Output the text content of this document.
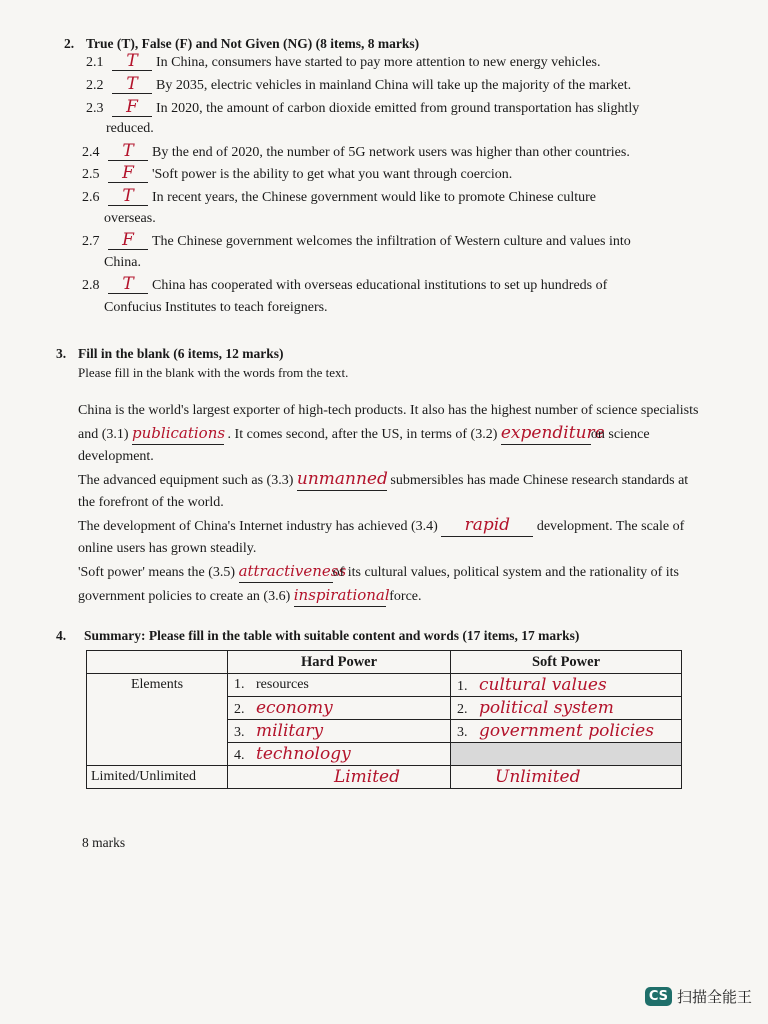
2. True (T), False (F) and Not Given (NG) (8 items, 8 marks)
2.1 T In China, consumers have started to pay more attention to new energy vehicles.
2.2 T By 2035, electric vehicles in mainland China will take up the majority of the market.
2.3 F In 2020, the amount of carbon dioxide emitted from ground transportation has slightly
reduced.
2.4 T By the end of 2020, the number of 5G network users was higher than other countries.
2.5 F 'Soft power is the ability to get what you want through coercion.
2.6 T In recent years, the Chinese government would like to promote Chinese culture
overseas.
2.7 F The Chinese government welcomes the infiltration of Western culture and values into
China.
2.8 T China has cooperated with overseas educational institutions to set up hundreds of
Confucius Institutes to teach foreigners.
3. Fill in the blank (6 items, 12 marks)
Please fill in the blank with the words from the text.
China is the world's largest exporter of high-tech products. It also has the highest number of science specialists and (3.1) publications . It comes second, after the US, in terms of (3.2) expenditureon science development.
The advanced equipment such as (3.3) unmanned submersibles has made Chinese research standards at the forefront of the world.
The development of China's Internet industry has achieved (3.4) rapid development. The scale of online users has grown steadily.
'Soft power' means the (3.5) attractivenessof its cultural values, political system and the rationality of its government policies to create an (3.6) inspirational force.
4. Summary: Please fill in the table with suitable content and words (17 items, 17 marks)
	Hard Power	Soft Power
Elements	1. resources	1. cultural values
	2. economy	2. political system
	3. military	3. government policies
	4. technology	
Limited/Unlimited	Limited	Unlimited
8 marks
CS 扫描全能王
